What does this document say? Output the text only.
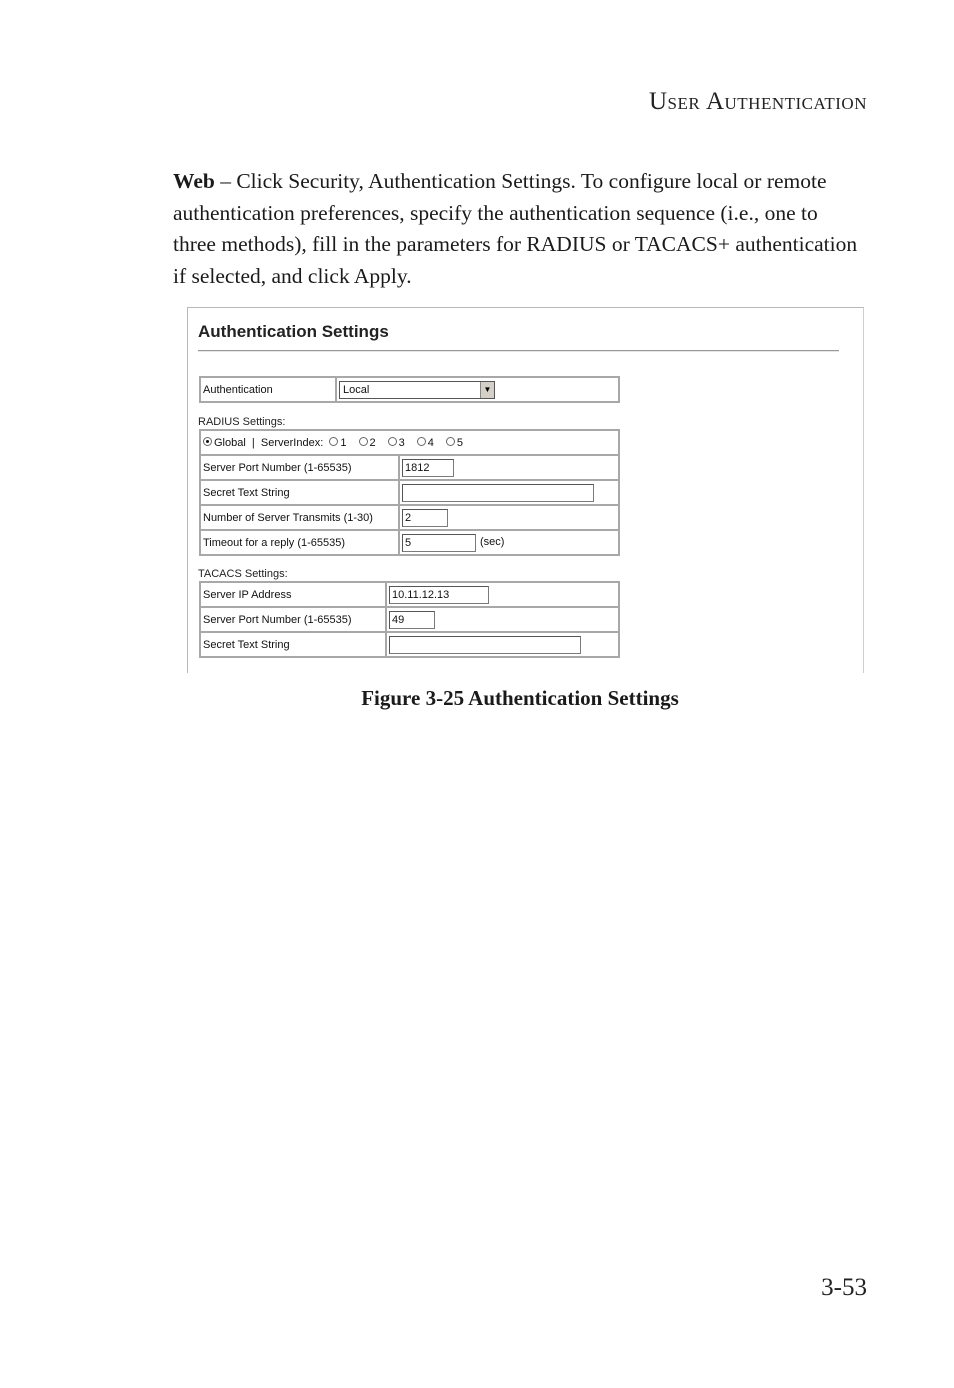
USER AUTHENTICATION
Web – Click Security, Authentication Settings. To configure local or remote authentication preferences, specify the authentication sequence (i.e., one to three methods), fill in the parameters for RADIUS or TACACS+ authentication if selected, and click Apply.
Authentication Settings
Authentication	Local	▼
RADIUS Settings:
Global | ServerIndex: 1 2 3 4 5	
Server Port Number (1-65535)	1812
Secret Text String	
Number of Server Transmits (1-30)	2
Timeout for a reply (1-65535)	5 (sec)
TACACS Settings:
Server IP Address	10.11.12.13
Server Port Number (1-65535)	49
Secret Text String	
Figure 3-25 Authentication Settings
3-53
